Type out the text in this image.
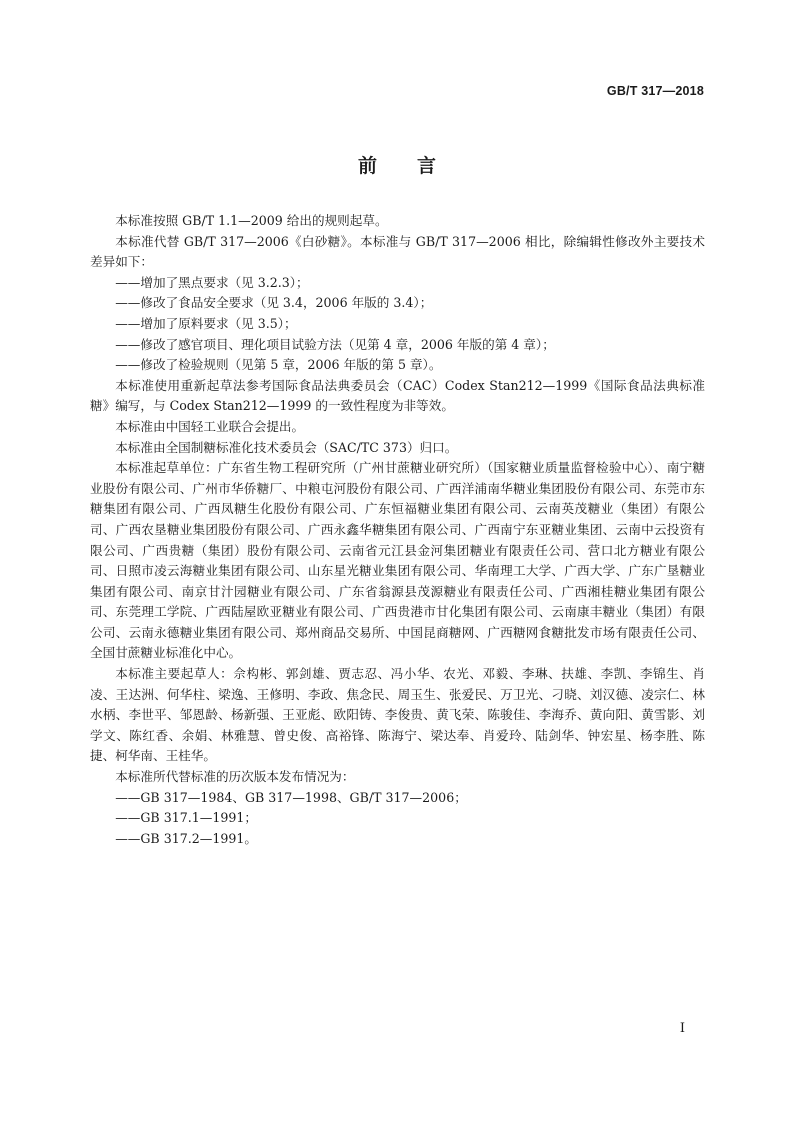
GB/T 317—2018
前 言

本标准按照 GB/T 1.1—2009 给出的规则起草。

本标准代替 GB/T 317—2006《白砂糖》。本标准与 GB/T 317—2006 相比，除编辑性修改外主要技术差异如下：

——增加了黑点要求（见 3.2.3）；

——修改了食品安全要求（见 3.4，2006 年版的 3.4）；

——增加了原料要求（见 3.5）；

——修改了感官项目、理化项目试验方法（见第 4 章，2006 年版的第 4 章）；

——修改了检验规则（见第 5 章，2006 年版的第 5 章）。

本标准使用重新起草法参考国际食品法典委员会（CAC）Codex Stan212—1999《国际食品法典标准糖》编写，与 Codex Stan212—1999 的一致性程度为非等效。

本标准由中国轻工业联合会提出。

本标准由全国制糖标准化技术委员会（SAC/TC 373）归口。

本标准起草单位：广东省生物工程研究所（广州甘蔗糖业研究所）（国家糖业质量监督检验中心）、南宁糖业股份有限公司、广州市华侨糖厂、中粮屯河股份有限公司、广西洋浦南华糖业集团股份有限公司、东莞市东糖集团有限公司、广西凤糖生化股份有限公司、广东恒福糖业集团有限公司、云南英茂糖业（集团）有限公司、广西农垦糖业集团股份有限公司、广西永鑫华糖集团有限公司、广西南宁东亚糖业集团、云南中云投资有限公司、广西贵糖（集团）股份有限公司、云南省元江县金河集团糖业有限责任公司、营口北方糖业有限公司、日照市凌云海糖业集团有限公司、山东星光糖业集团有限公司、华南理工大学、广西大学、广东广垦糖业集团有限公司、南京甘汁园糖业有限公司、广东省翁源县茂源糖业有限责任公司、广西湘桂糖业集团有限公司、东莞理工学院、广西陆屋欧亚糖业有限公司、广西贵港市甘化集团有限公司、云南康丰糖业（集团）有限公司、云南永德糖业集团有限公司、郑州商品交易所、中国昆商糖网、广西糖网食糖批发市场有限责任公司、全国甘蔗糖业标准化中心。

本标准主要起草人：佘构彬、郭剑雄、贾志忍、冯小华、农光、邓毅、李琳、扶雄、李凯、李锦生、肖凌、王达洲、何华柱、梁逸、王修明、李政、焦念民、周玉生、张爱民、万卫光、刁晓、刘汉德、凌宗仁、林水柄、李世平、邹恩龄、杨新强、王亚彪、欧阳铸、李俊贵、黄飞荣、陈骏佳、李海乔、黄向阳、黄雪影、刘学文、陈红香、余娟、林雅慧、曾史俊、高裕锋、陈海宁、梁达奉、肖爱玲、陆剑华、钟宏星、杨李胜、陈捷、柯华南、王桂华。

本标准所代替标准的历次版本发布情况为：

——GB 317—1984、GB 317—1998、GB/T 317—2006；

——GB 317.1—1991；

——GB 317.2—1991。

I
